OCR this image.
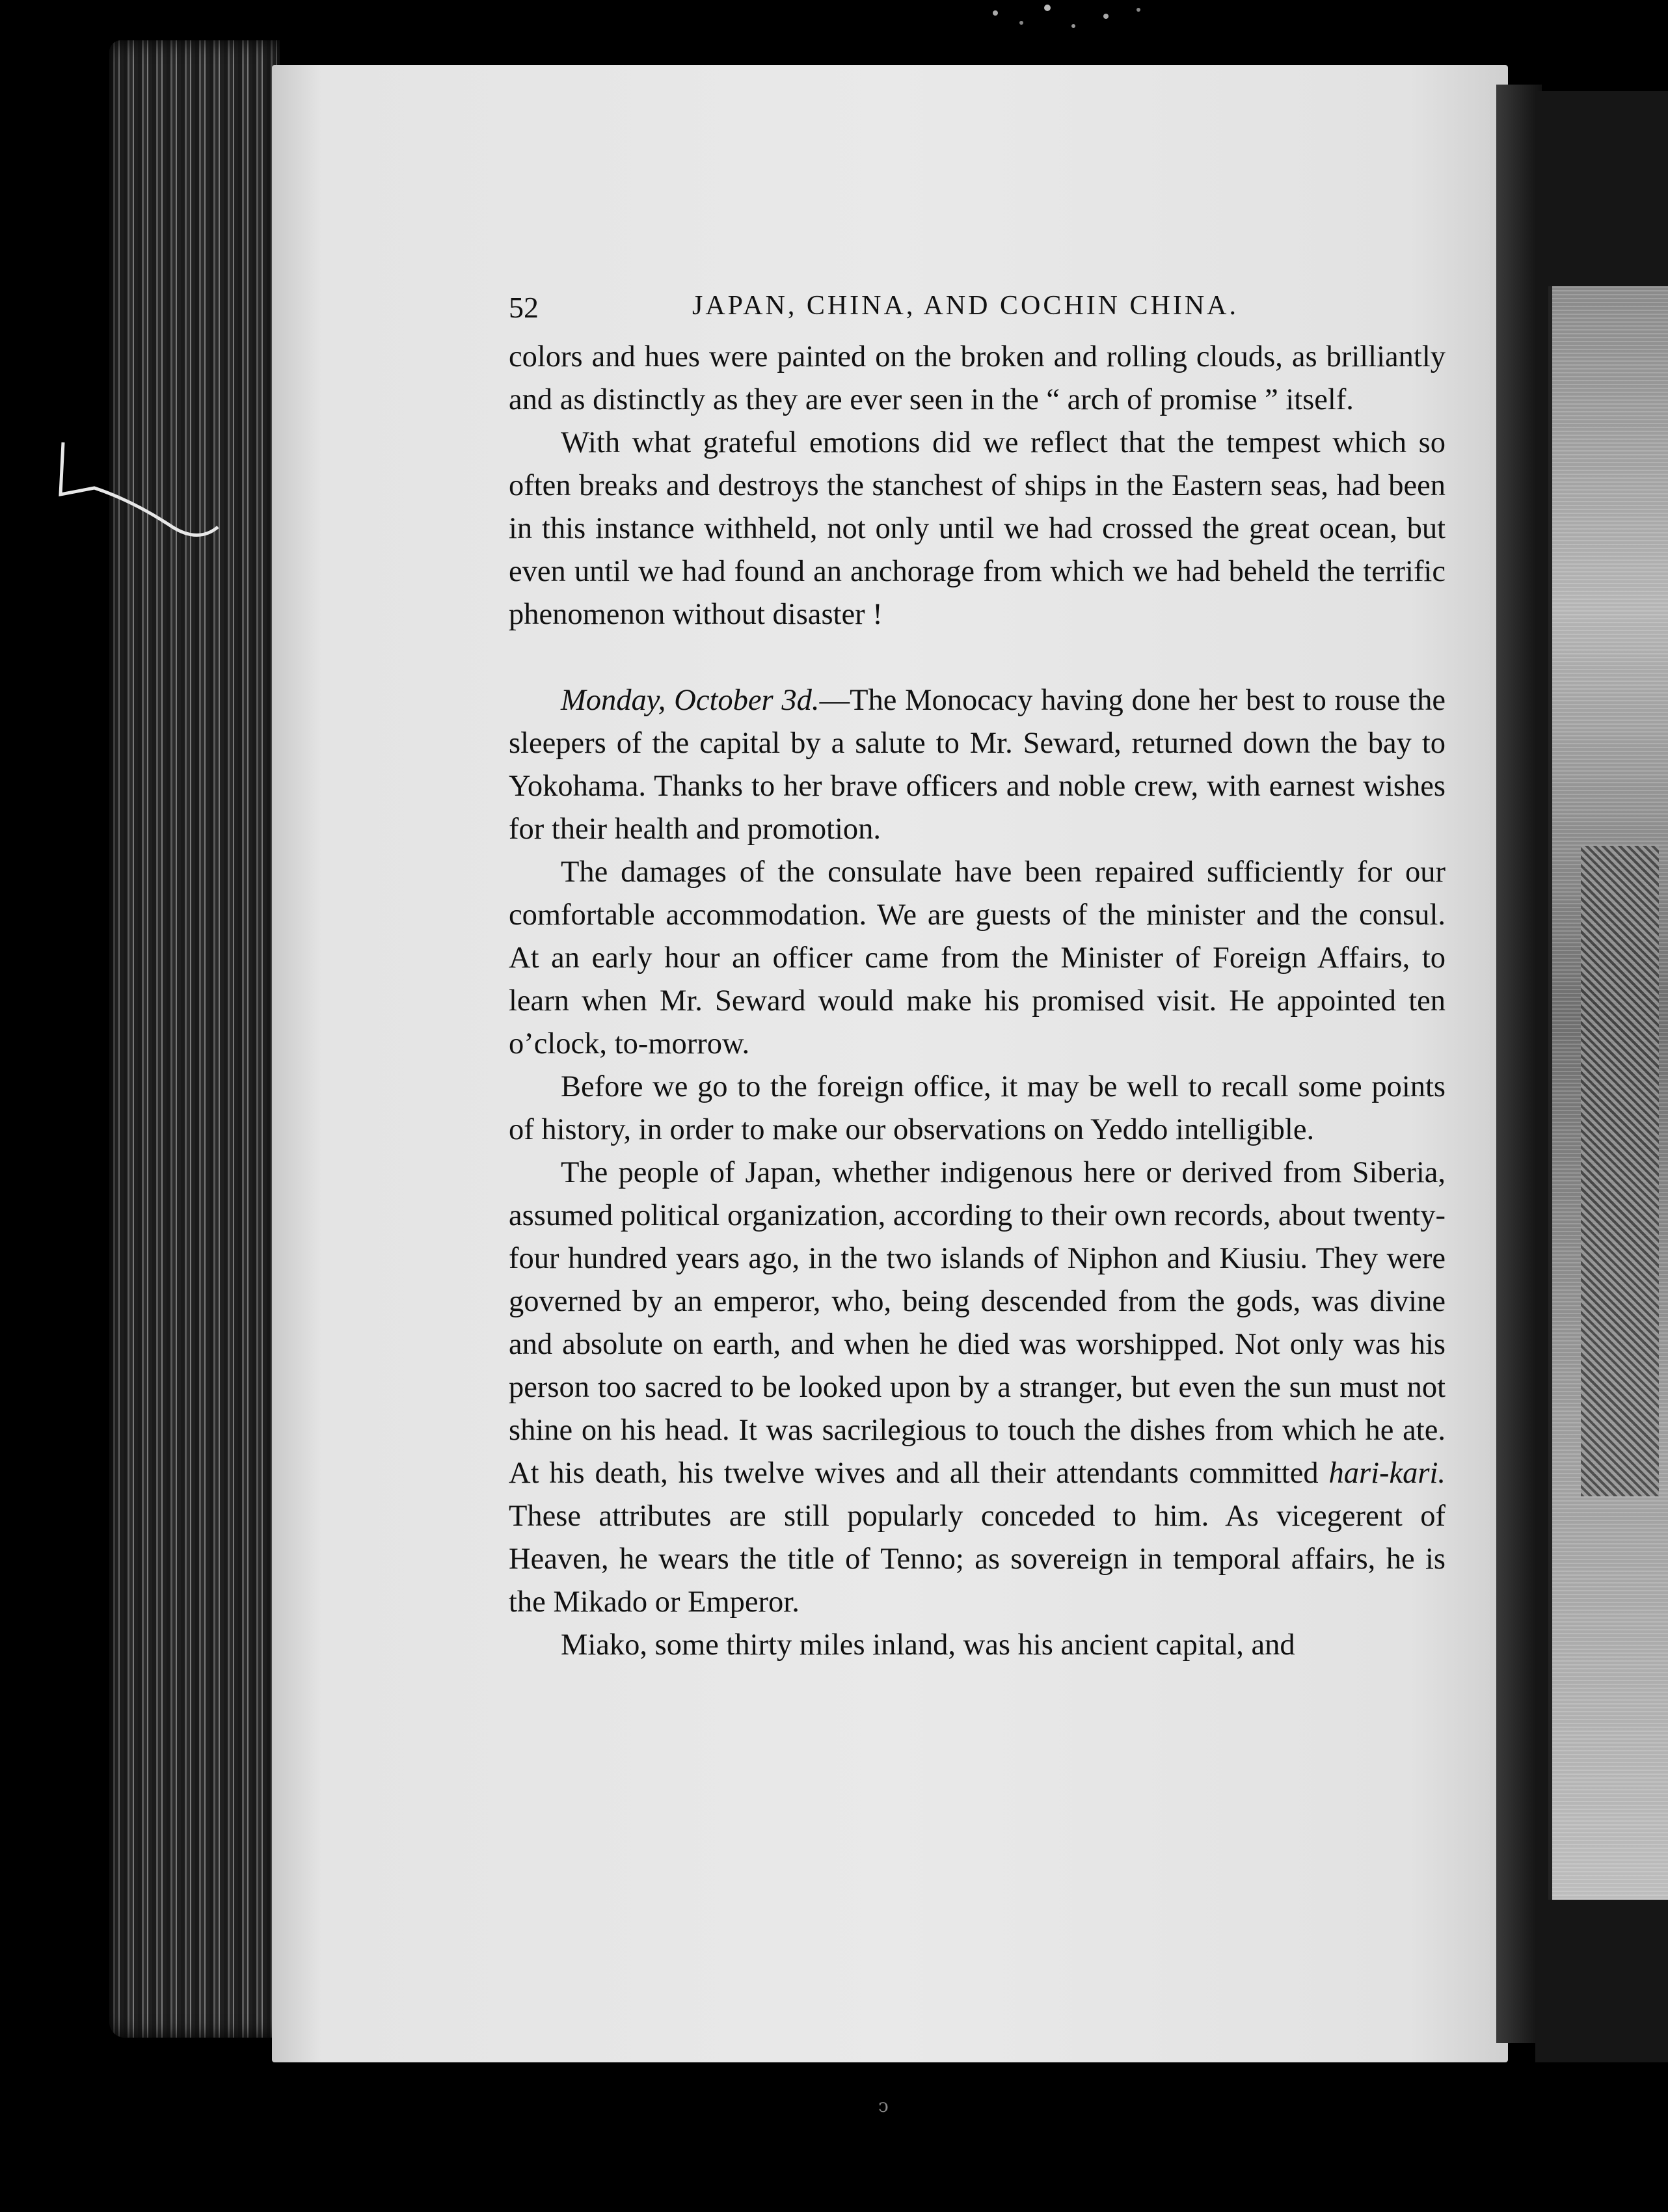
52	JAPAN, CHINA, AND COCHIN CHINA.

colors and hues were painted on the broken and rolling clouds, as brilliantly and as distinctly as they are ever seen in the “ arch of promise ” itself.

With what grateful emotions did we reflect that the tempest which so often breaks and destroys the stanchest of ships in the Eastern seas, had been in this instance withheld, not only until we had crossed the great ocean, but even until we had found an anchorage from which we had beheld the terrific phenomenon without disaster !

Monday, October 3d.—The Monocacy having done her best to rouse the sleepers of the capital by a salute to Mr. Seward, returned down the bay to Yokohama. Thanks to her brave officers and noble crew, with earnest wishes for their health and promotion.

The damages of the consulate have been repaired sufficiently for our comfortable accommodation. We are guests of the minister and the consul. At an early hour an officer came from the Minister of Foreign Affairs, to learn when Mr. Seward would make his promised visit. He appointed ten o’clock, to-morrow.

Before we go to the foreign office, it may be well to recall some points of history, in order to make our observations on Yeddo intelligible.

The people of Japan, whether indigenous here or derived from Siberia, assumed political organization, according to their own records, about twenty-four hundred years ago, in the two islands of Niphon and Kiusiu. They were governed by an emperor, who, being descended from the gods, was divine and absolute on earth, and when he died was worshipped. Not only was his person too sacred to be looked upon by a stranger, but even the sun must not shine on his head. It was sacrilegious to touch the dishes from which he ate. At his death, his twelve wives and all their attendants committed hari-kari. These attributes are still popularly conceded to him. As vicegerent of Heaven, he wears the title of Tenno; as sovereign in temporal affairs, he is the Mikado or Emperor.

Miako, some thirty miles inland, was his ancient capital, and

ↄ
